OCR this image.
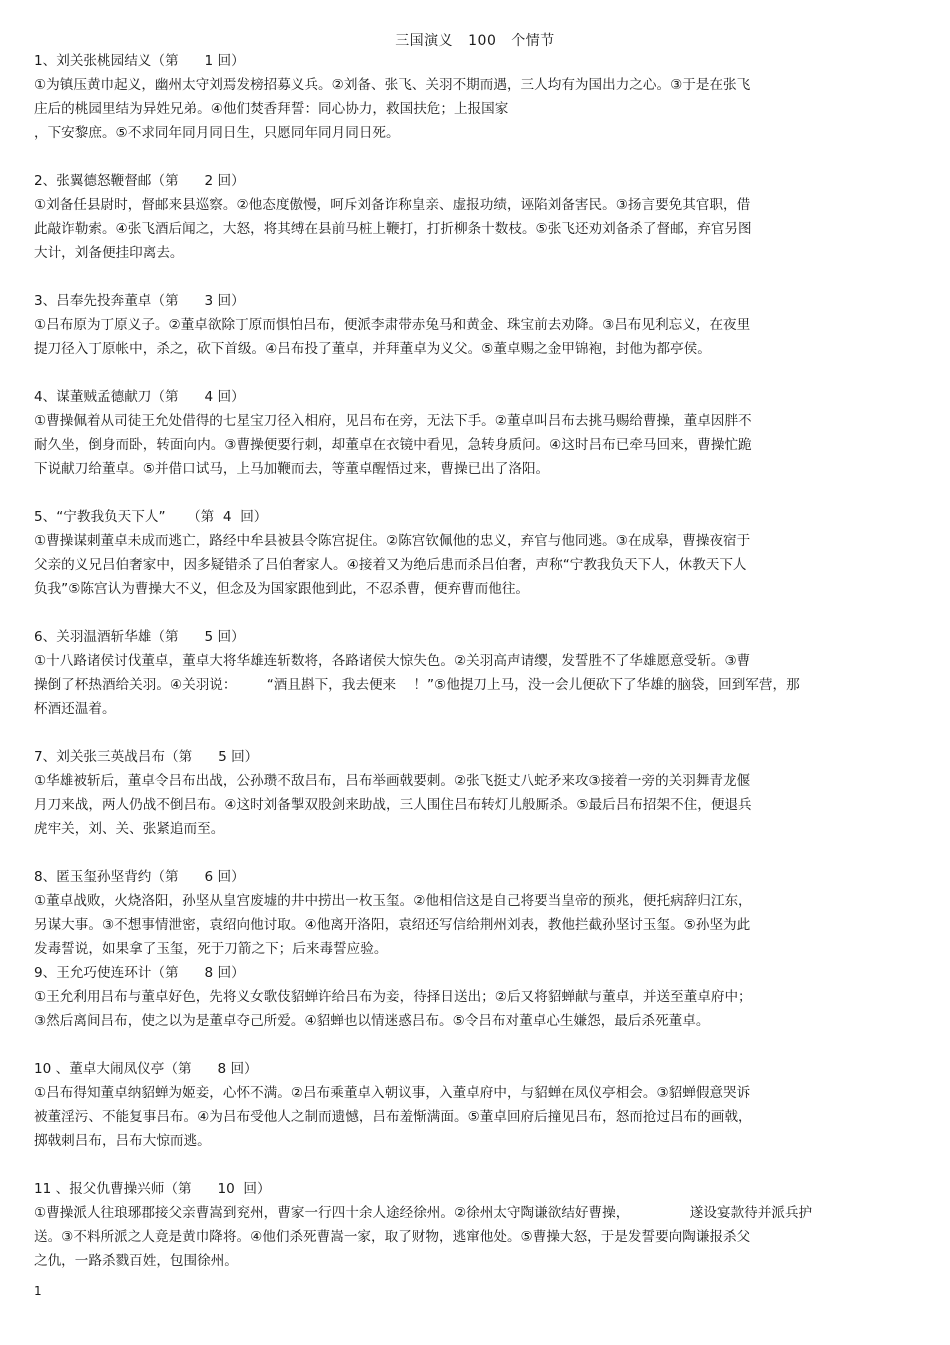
三国演义 100 个情节
1、刘关张桃园结义（第      1 回）
①为镇压黄巾起义，幽州太守刘焉发榜招募义兵。②刘备、张飞、关羽不期而遇，三人均有为国出力之心。③于是在张飞
庄后的桃园里结为异姓兄弟。④他们焚香拜誓：同心协力，救国扶危；上报国家
，下安黎庶。⑤不求同年同月同日生，只愿同年同月同日死。
2、张翼德怒鞭督邮（第      2 回）
①刘备任县尉时，督邮来县巡察。②他态度傲慢，呵斥刘备诈称皇亲、虚报功绩，诬陷刘备害民。③扬言要免其官职，借
此敲诈勒索。④张飞酒后闻之，大怒，将其缚在县前马桩上鞭打，打折柳条十数枝。⑤张飞还劝刘备杀了督邮，弃官另图
大计，刘备便挂印离去。
3、吕奉先投奔董卓（第      3 回）
①吕布原为丁原义子。②董卓欲除丁原而惧怕吕布，便派李肃带赤兔马和黄金、珠宝前去劝降。③吕布见利忘义，在夜里
提刀径入丁原帐中，杀之，砍下首级。④吕布投了董卓，并拜董卓为义父。⑤董卓赐之金甲锦袍，封他为都亭侯。
4、谋董贼孟德献刀（第      4 回）
①曹操佩着从司徒王允处借得的七星宝刀径入相府，见吕布在旁，无法下手。②董卓叫吕布去挑马赐给曹操，董卓因胖不
耐久坐，倒身而卧，转面向内。③曹操便要行刺，却董卓在衣镜中看见，急转身质问。④这时吕布已牵马回来，曹操忙跪
下说献刀给董卓。⑤并借口试马，上马加鞭而去，等董卓醒悟过来，曹操已出了洛阳。
5、“宁教我负天下人”     （第  4  回）
①曹操谋刺董卓未成而逃亡，路经中牟县被县令陈宫捉住。②陈宫钦佩他的忠义，弃官与他同逃。③在成皋，曹操夜宿于
父亲的义兄吕伯奢家中，因多疑错杀了吕伯奢家人。④接着又为绝后患而杀吕伯奢，声称“宁教我负天下人，休教天下人
负我”⑤陈宫认为曹操大不义，但念及为国家跟他到此，不忍杀曹，便弃曹而他往。
6、关羽温酒斩华雄（第      5 回）
①十八路诸侯讨伐董卓，董卓大将华雄连斩数将，各路诸侯大惊失色。②关羽高声请缨，发誓胜不了华雄愿意受斩。③曹
操倒了杯热酒给关羽。④关羽说：       “酒且斟下，我去便来    ！”⑤他提刀上马，没一会儿便砍下了华雄的脑袋，回到军营，那
杯酒还温着。
7、刘关张三英战吕布（第      5 回）
①华雄被斩后，董卓令吕布出战，公孙瓒不敌吕布，吕布举画戟要刺。②张飞挺丈八蛇矛来攻③接着一旁的关羽舞青龙偃
月刀来战，两人仍战不倒吕布。④这时刘备掣双股剑来助战，三人围住吕布转灯儿般厮杀。⑤最后吕布招架不住，便退兵
虎牢关，刘、关、张紧追而至。
8、匿玉玺孙坚背约（第      6 回）
①董卓战败，火烧洛阳，孙坚从皇宫废墟的井中捞出一枚玉玺。②他相信这是自己将要当皇帝的预兆，便托病辞归江东，
另谋大事。③不想事情泄密，袁绍向他讨取。④他离开洛阳，袁绍还写信给荆州刘表，教他拦截孙坚讨玉玺。⑤孙坚为此
发毒誓说，如果拿了玉玺，死于刀箭之下；后来毒誓应验。
9、王允巧使连环计（第      8 回）
①王允利用吕布与董卓好色，先将义女歌伎貂蝉许给吕布为妾，待择日送出；②后又将貂蝉献与董卓，并送至董卓府中；
③然后离间吕布，使之以为是董卓夺己所爱。④貂蝉也以情迷惑吕布。⑤令吕布对董卓心生嫌怨，最后杀死董卓。
10 、董卓大闹凤仪亭（第      8 回）
①吕布得知董卓纳貂蝉为姬妾，心怀不满。②吕布乘董卓入朝议事，入董卓府中，与貂蝉在凤仪亭相会。③貂蝉假意哭诉
被董淫污、不能复事吕布。④为吕布受他人之制而遗憾，吕布羞惭满面。⑤董卓回府后撞见吕布，怒而抢过吕布的画戟，
掷戟刺吕布，吕布大惊而逃。
11 、报父仇曹操兴师（第      10  回）
①曹操派人往琅琊郡接父亲曹嵩到兖州，曹家一行四十余人途经徐州。②徐州太守陶谦欲结好曹操，              遂设宴款待并派兵护
送。③不料所派之人竟是黄巾降将。④他们杀死曹嵩一家，取了财物，逃窜他处。⑤曹操大怒，于是发誓要向陶谦报杀父
之仇，一路杀戮百姓，包围徐州。
1
